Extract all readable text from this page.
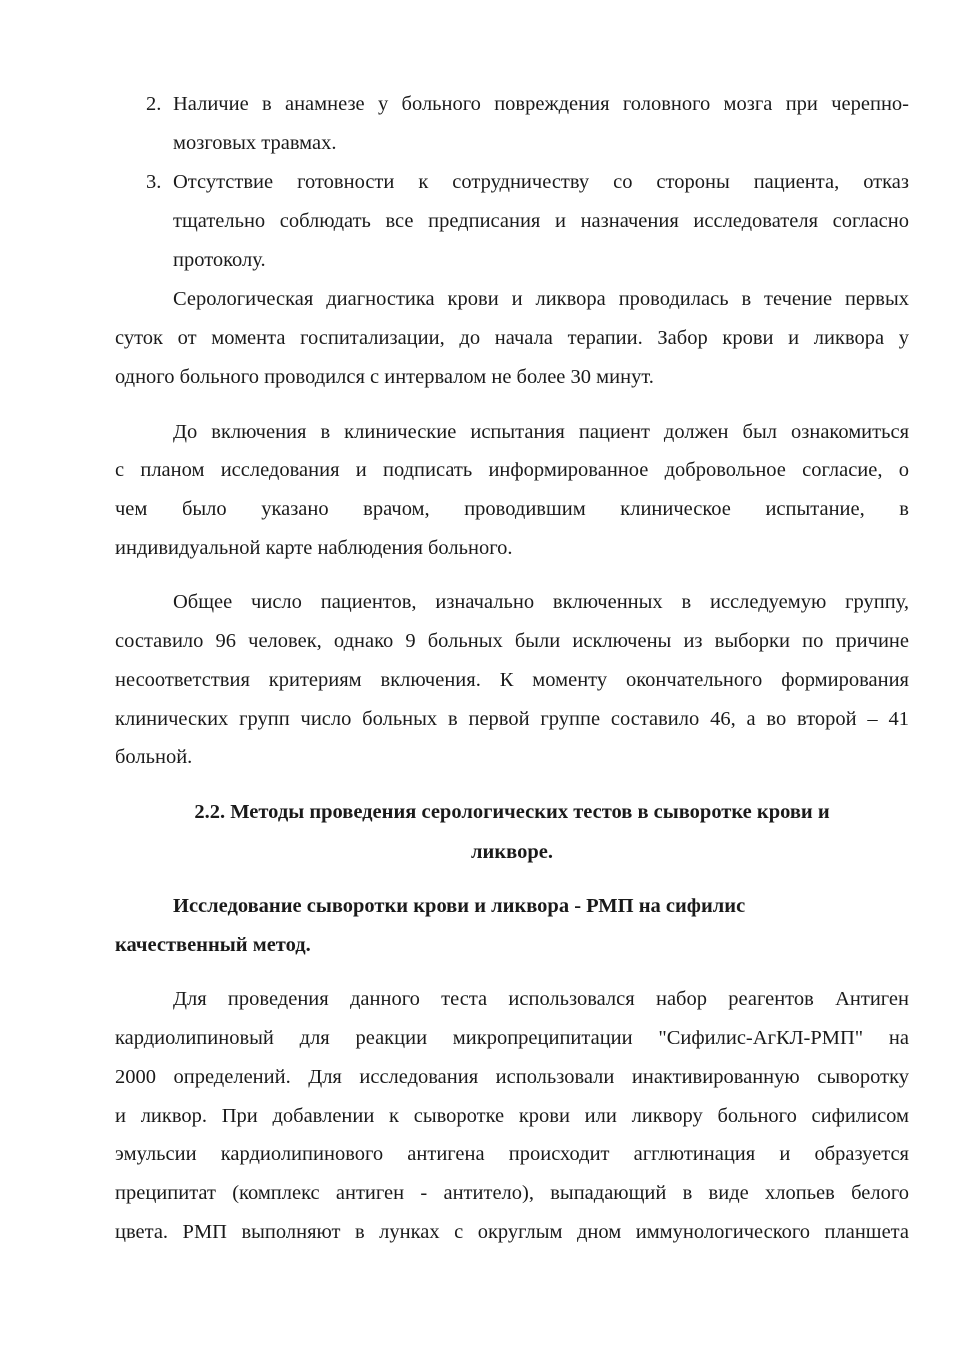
2. Наличие в анамнезе у больного повреждения головного мозга при черепно-
мозговых травмах.
3. Отсутствие готовности к сотрудничеству со стороны пациента, отказ
тщательно соблюдать все предписания и назначения исследователя согласно
протоколу.
Серологическая диагностика крови и ликвора проводилась в течение первых
суток от момента госпитализации, до начала терапии. Забор крови и ликвора у
одного больного проводился с интервалом не более 30 минут.
До включения в клинические испытания пациент должен был ознакомиться
с планом исследования и подписать информированное добровольное согласие, о
чем было указано врачом, проводившим клиническое испытание, в
индивидуальной карте наблюдения больного.
Общее число пациентов, изначально включенных в исследуемую группу,
составило 96 человек, однако 9 больных были исключены из выборки по причине
несоответствия критериям включения. К моменту окончательного формирования
клинических групп число больных в первой группе составило 46, а во второй – 41
больной.
2.2. Методы проведения серологических тестов в сыворотке крови и
ликворе.
Исследование сыворотки крови и ликвора - РМП на сифилис
качественный метод.
Для проведения данного теста использовался набор реагентов Антиген
кардиолипиновый для реакции микропреципитации "Сифилис-АгКЛ-РМП" на
2000 определений. Для исследования использовали инактивированную сыворотку
и ликвор. При добавлении к сыворотке крови или ликвору больного сифилисом
эмульсии кардиолипинового антигена происходит агглютинация и образуется
преципитат (комплекс антиген - антитело), выпадающий в виде хлопьев белого
цвета. РМП выполняют в лунках с округлым дном иммунологического планшета
